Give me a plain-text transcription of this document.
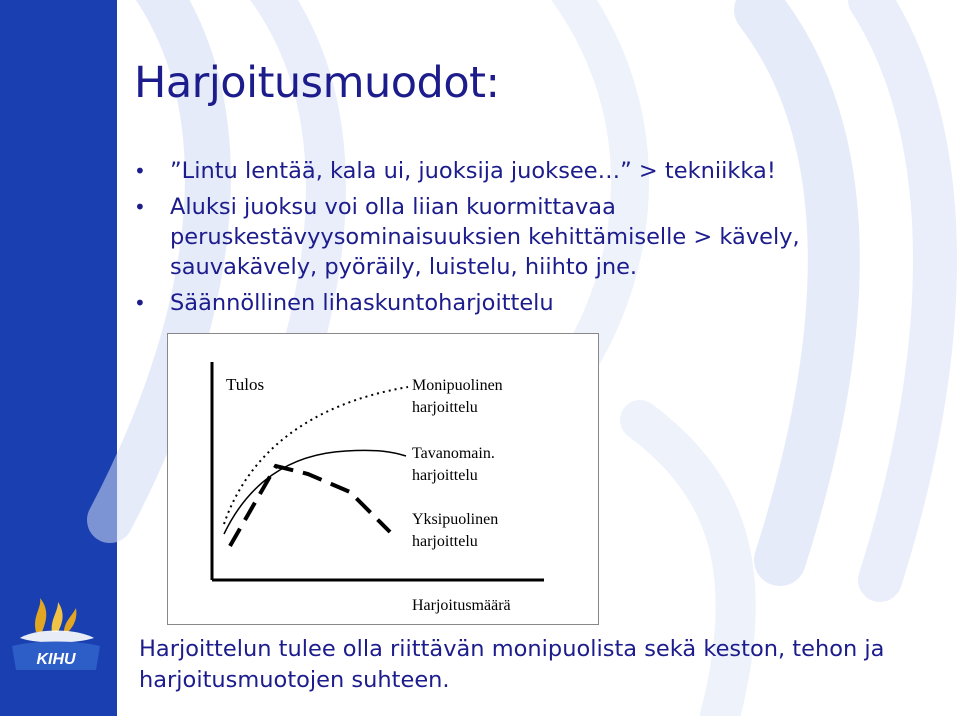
Harjoitusmuodot:
• ”Lintu lentää, kala ui, juoksija juoksee…” > tekniikka!
• Aluksi juoksu voi olla liian kuormittavaa peruskestävyysominaisuuksien kehittämiselle > kävely, sauvakävely, pyöräily, luistelu, hiihto jne.
• Säännöllinen lihaskuntoharjoittelu
Tulos	Monipuolinen
harjoittelu
Tavanomain.
harjoittelu
Yksipuolinen
harjoittelu
Harjoitusmäärä
Harjoittelun tulee olla riittävän monipuolista sekä keston, tehon ja harjoitusmuotojen suhteen.
KIHU
